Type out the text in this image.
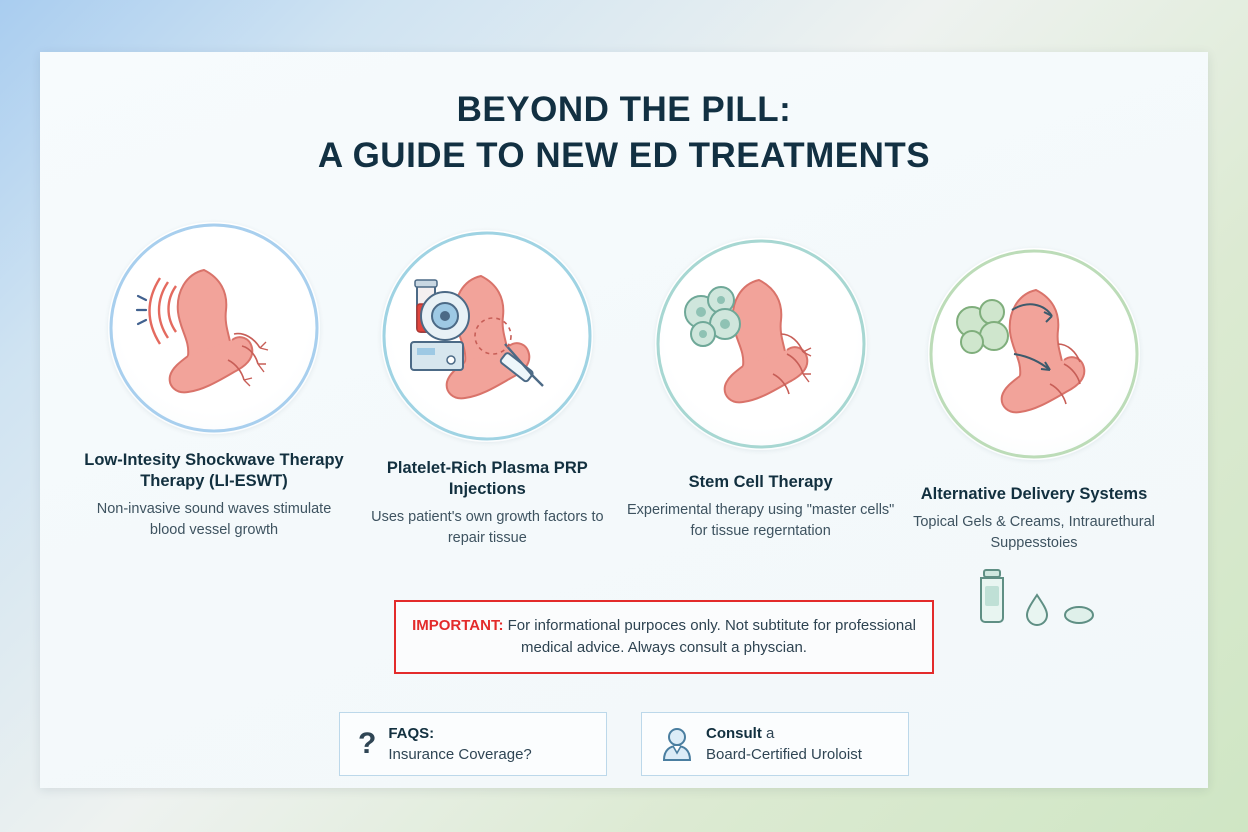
BEYOND THE PILL:
A GUIDE TO NEW ED TREATMENTS
Low-Intesity Shockwave Therapy Therapy (LI-ESWT)
Non-invasive sound waves stimulate blood vessel growth
Platelet-Rich Plasma PRP Injections
Uses patient's own growth factors to repair tissue
Stem Cell Therapy
Experimental therapy using "master cells" for tissue regerntation
Alternative Delivery Systems
Topical Gels & Creams, Intraurethural Suppesstoies

IMPORTANT: For informational purpoces only. Not subtitute for professional medical advice. Always consult a physcian.

? FAQS:
Insurance Coverage?
Consult a
Board-Certified Uroloist
